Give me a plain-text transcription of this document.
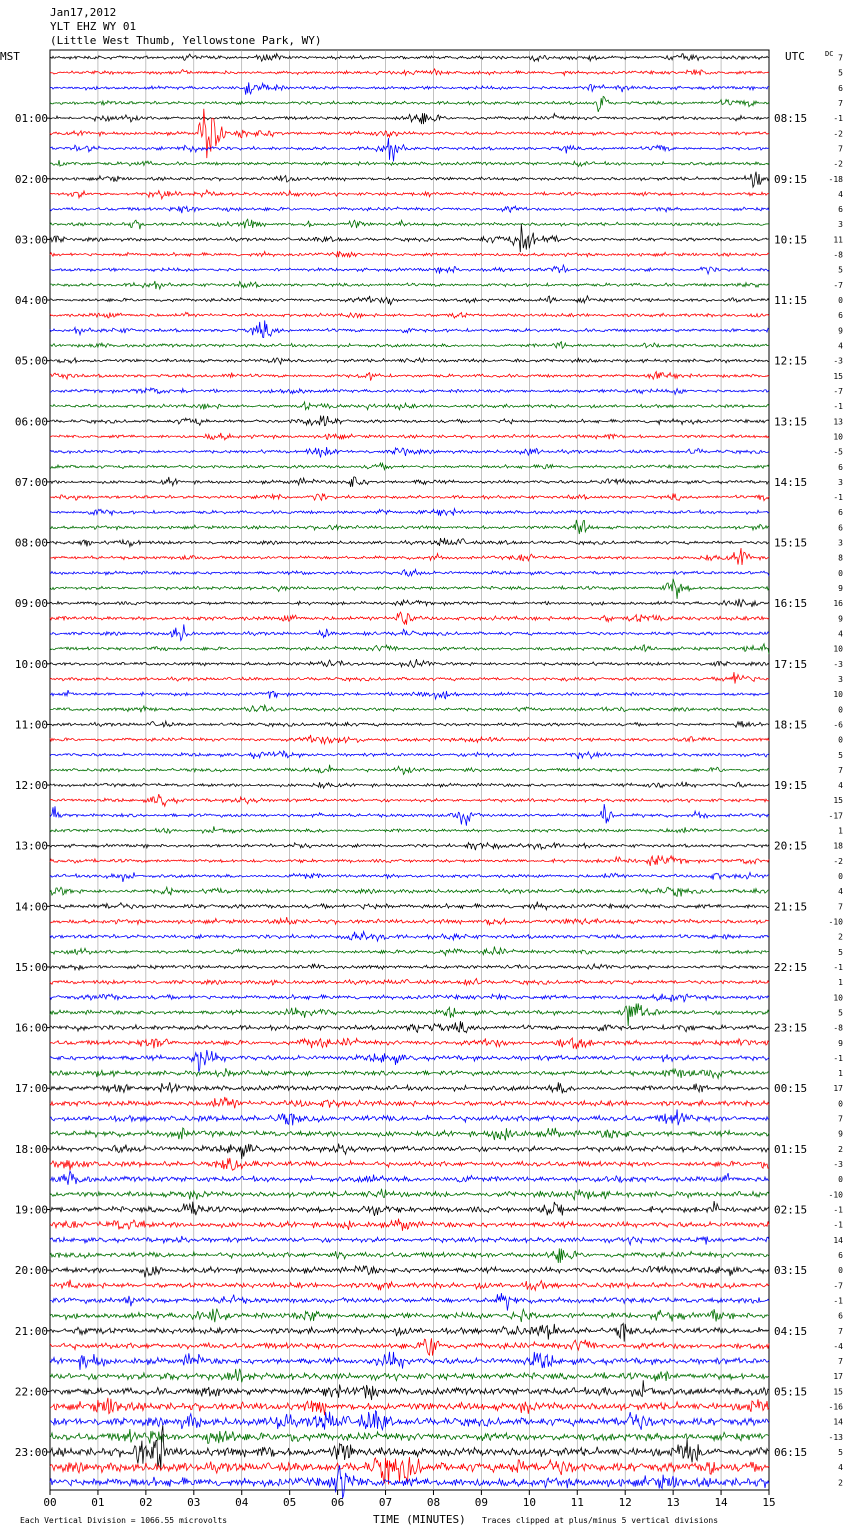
00	01	02	03	04	05	06	07	08	09	10	11	12	13	14	15
7
5
6
7
-1
-2
7
-2
-18
4
6
3
11
-8
5
-7
0
6
9
4
-3
15
-7
-1
13
10
-5
6
3
-1
6
6
3
8
0
9
16
9
4
10
-3
3
10
0
-6
0
5
7
4
15
-17
1
18
-2
0
4
7
-10
2
5
-1
1
10
5
-8
9
-1
1
17
0
7
9
2
-3
0
-10
-1
-1
14
6
0
-7
-1
6
7
-4
7
17
15
-16
14
-13
5
4
2
01:00
02:00
03:00
04:00
05:00
06:00
07:00
08:00
09:00
10:00
11:00
12:00
13:00
14:00
15:00
16:00
17:00
18:00
19:00
20:00
21:00
22:00
23:00
08:15
09:15
10:15
11:15
12:15
13:15
14:15
15:15
16:15
17:15
18:15
19:15
20:15
21:15
22:15
23:15
00:15
01:15
02:15
03:15
04:15
05:15
06:15
MST	UTC	DC
Each Vertical Division = 1066.55 microvolts	TIME (MINUTES) Traces clipped at plus/minus 5 vertical divisions
Jan17,2012
YLT EHZ WY 01
(Little West Thumb, Yellowstone Park, WY)
